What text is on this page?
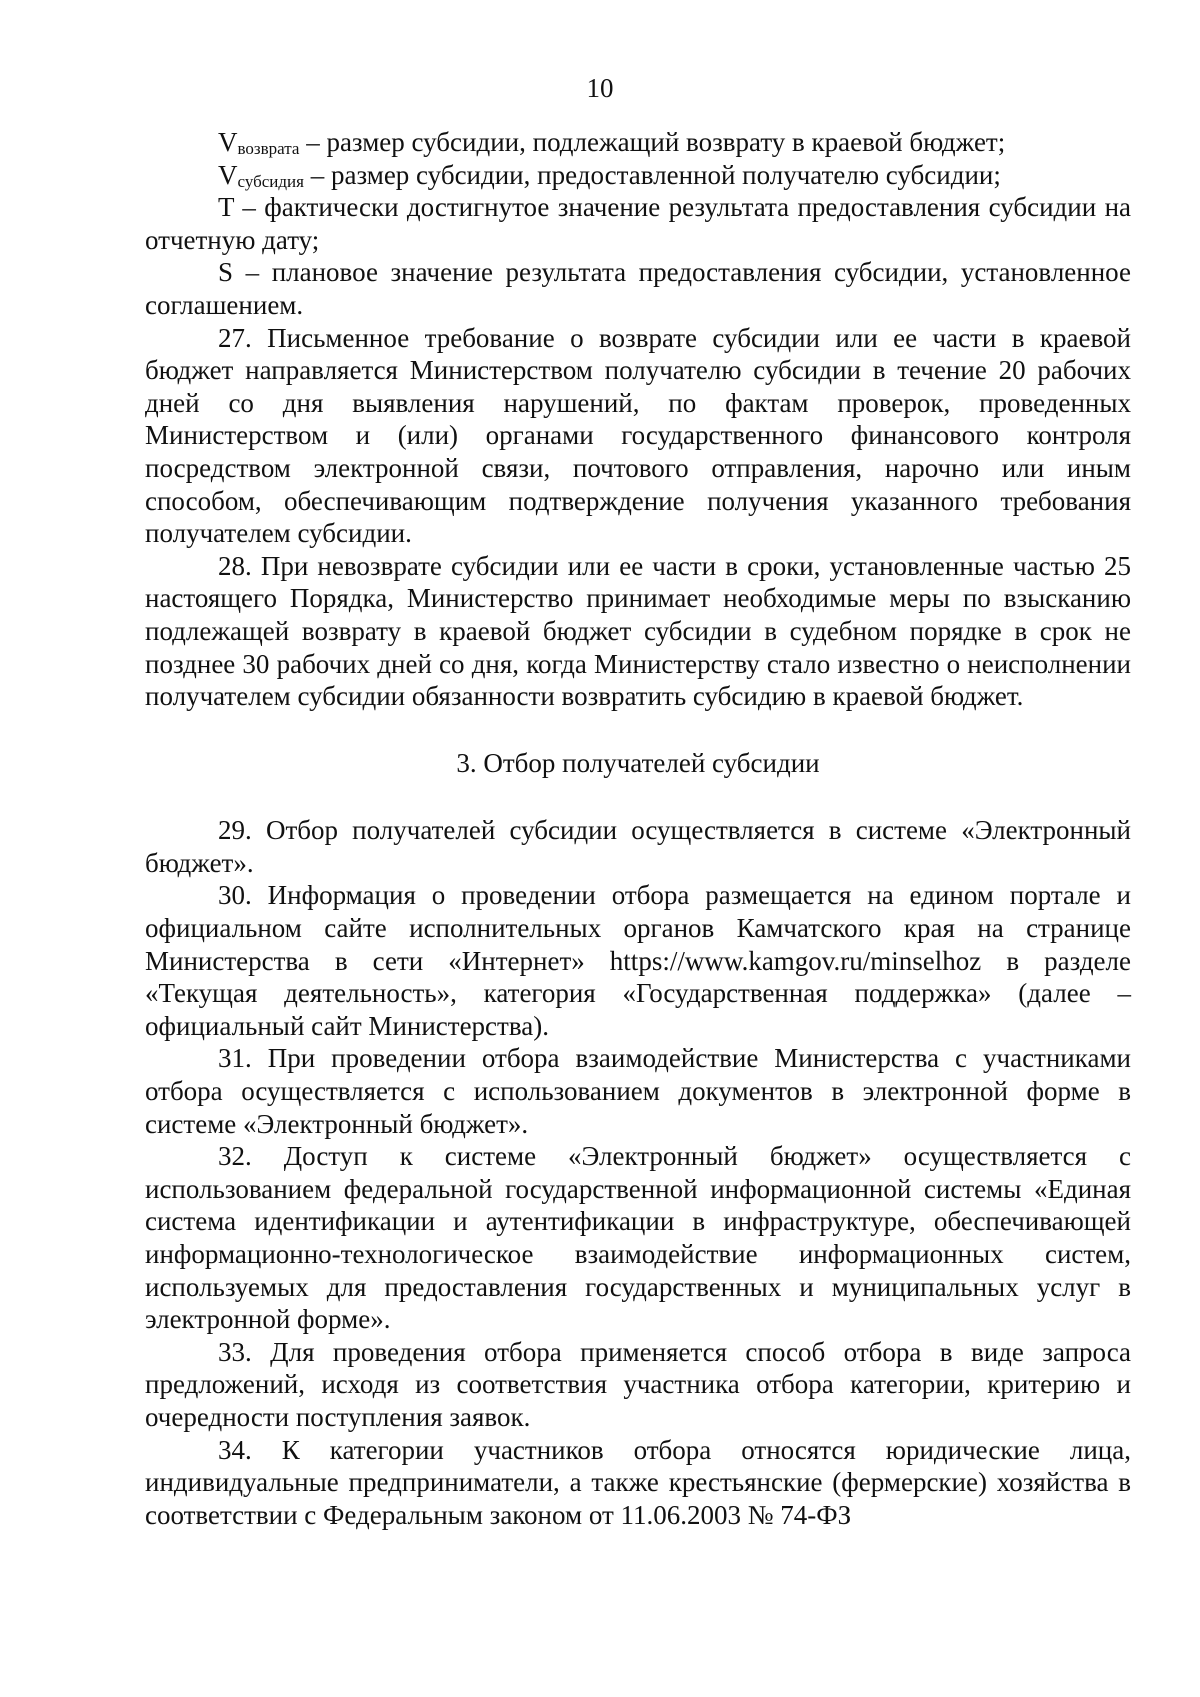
10

$V_{возврата}$ – размер субсидии, подлежащий возврату в краевой бюджет;

$V_{субсидия}$ – размер субсидии, предоставленной получателю субсидии;

T – фактически достигнутое значение результата предоставления субсидии на отчетную дату;

S – плановое значение результата предоставления субсидии, установленное соглашением.

27. Письменное требование о возврате субсидии или ее части в краевой бюджет направляется Министерством получателю субсидии в течение 20 рабочих дней со дня выявления нарушений, по фактам проверок, проведенных Министерством и (или) органами государственного финансового контроля посредством электронной связи, почтового отправления, нарочно или иным способом, обеспечивающим подтверждение получения указанного требования получателем субсидии.

28. При невозврате субсидии или ее части в сроки, установленные частью 25 настоящего Порядка, Министерство принимает необходимые меры по взысканию подлежащей возврату в краевой бюджет субсидии в судебном порядке в срок не позднее 30 рабочих дней со дня, когда Министерству стало известно о неисполнении получателем субсидии обязанности возвратить субсидию в краевой бюджет.

3. Отбор получателей субсидии

29. Отбор получателей субсидии осуществляется в системе «Электронный бюджет».

30. Информация о проведении отбора размещается на едином портале и официальном сайте исполнительных органов Камчатского края на странице Министерства в сети «Интернет» https://www.kamgov.ru/minselhoz в разделе «Текущая деятельность», категория «Государственная поддержка» (далее – официальный сайт Министерства).

31. При проведении отбора взаимодействие Министерства с участниками отбора осуществляется с использованием документов в электронной форме в системе «Электронный бюджет».

32. Доступ к системе «Электронный бюджет» осуществляется с использованием федеральной государственной информационной системы «Единая система идентификации и аутентификации в инфраструктуре, обеспечивающей информационно-технологическое взаимодействие информационных систем, используемых для предоставления государственных и муниципальных услуг в электронной форме».

33. Для проведения отбора применяется способ отбора в виде запроса предложений, исходя из соответствия участника отбора категории, критерию и очередности поступления заявок.

34. К категории участников отбора относятся юридические лица, индивидуальные предприниматели, а также крестьянские (фермерские) хозяйства в соответствии с Федеральным законом от 11.06.2003 № 74-ФЗ
